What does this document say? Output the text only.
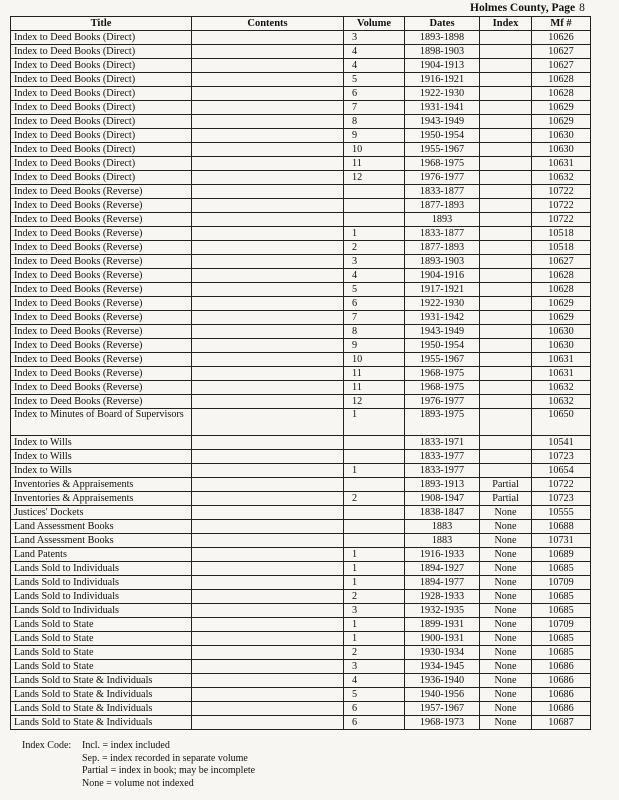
Holmes County, Page 8
Title	Contents	Volume	Dates	Index	Mf #
Index to Deed Books (Direct)		3	1893-1898		10626
Index to Deed Books (Direct)		4	1898-1903		10627
Index to Deed Books (Direct)		4	1904-1913		10627
Index to Deed Books (Direct)		5	1916-1921		10628
Index to Deed Books (Direct)		6	1922-1930		10628
Index to Deed Books (Direct)		7	1931-1941		10629
Index to Deed Books (Direct)		8	1943-1949		10629
Index to Deed Books (Direct)		9	1950-1954		10630
Index to Deed Books (Direct)		10	1955-1967		10630
Index to Deed Books (Direct)		11	1968-1975		10631
Index to Deed Books (Direct)		12	1976-1977		10632
Index to Deed Books (Reverse)			1833-1877		10722
Index to Deed Books (Reverse)			1877-1893		10722
Index to Deed Books (Reverse)			1893		10722
Index to Deed Books (Reverse)		1	1833-1877		10518
Index to Deed Books (Reverse)		2	1877-1893		10518
Index to Deed Books (Reverse)		3	1893-1903		10627
Index to Deed Books (Reverse)		4	1904-1916		10628
Index to Deed Books (Reverse)		5	1917-1921		10628
Index to Deed Books (Reverse)		6	1922-1930		10629
Index to Deed Books (Reverse)		7	1931-1942		10629
Index to Deed Books (Reverse)		8	1943-1949		10630
Index to Deed Books (Reverse)		9	1950-1954		10630
Index to Deed Books (Reverse)		10	1955-1967		10631
Index to Deed Books (Reverse)		11	1968-1975		10631
Index to Deed Books (Reverse)		11	1968-1975		10632
Index to Deed Books (Reverse)		12	1976-1977		10632
Index to Minutes of Board of Supervisors		1	1893-1975		10650
Index to Wills			1833-1971		10541
Index to Wills			1833-1977		10723
Index to Wills		1	1833-1977		10654
Inventories & Appraisements			1893-1913	Partial	10722
Inventories & Appraisements		2	1908-1947	Partial	10723
Justices' Dockets			1838-1847	None	10555
Land Assessment Books			1883	None	10688
Land Assessment Books			1883	None	10731
Land Patents		1	1916-1933	None	10689
Lands Sold to Individuals		1	1894-1927	None	10685
Lands Sold to Individuals		1	1894-1977	None	10709
Lands Sold to Individuals		2	1928-1933	None	10685
Lands Sold to Individuals		3	1932-1935	None	10685
Lands Sold to State		1	1899-1931	None	10709
Lands Sold to State		1	1900-1931	None	10685
Lands Sold to State		2	1930-1934	None	10685
Lands Sold to State		3	1934-1945	None	10686
Lands Sold to State & Individuals		4	1936-1940	None	10686
Lands Sold to State & Individuals		5	1940-1956	None	10686
Lands Sold to State & Individuals		6	1957-1967	None	10686
Lands Sold to State & Individuals		6	1968-1973	None	10687
Index Code:	Incl. = index included
Sep. = index recorded in separate volume
Partial = index in book; may be incomplete
None = volume not indexed
